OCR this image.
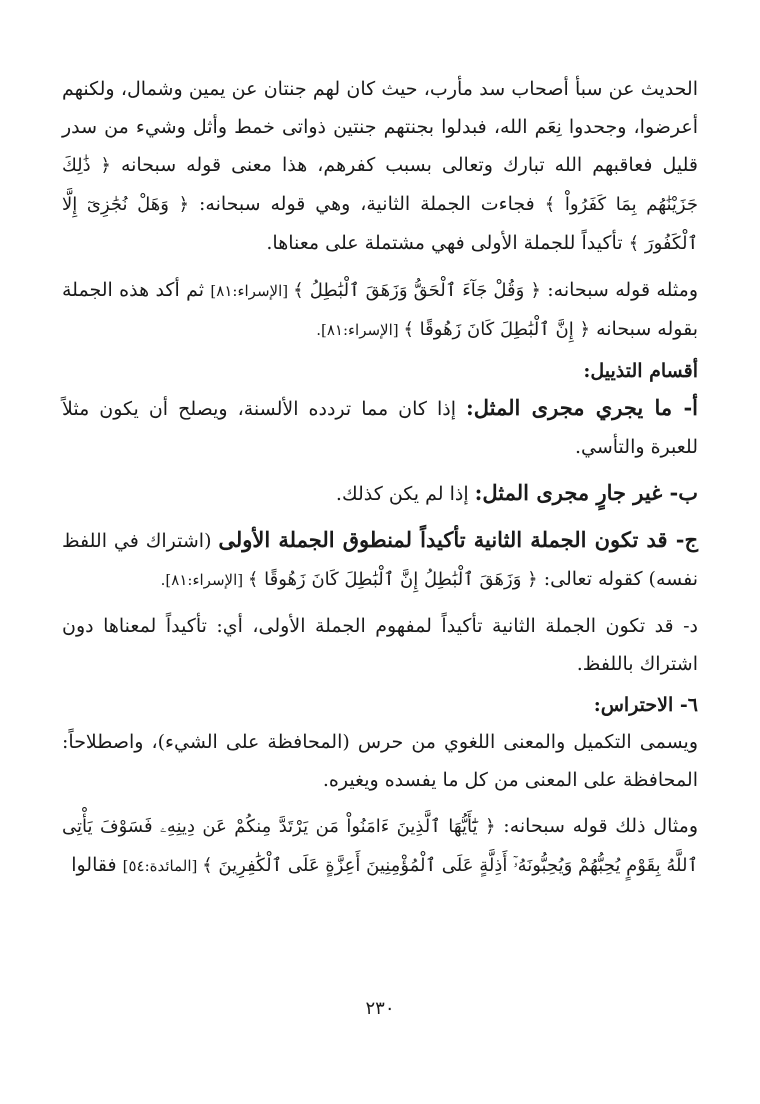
الحديث عن سبأ أصحاب سد مأرب، حيث كان لهم جنتان عن يمين وشمال، ولكنهم أعرضوا، وجحدوا نِعَم الله، فبدلوا بجنتهم جنتين ذواتى خمط وأثل وشيء من سدر قليل فعاقبهم الله تبارك وتعالى بسبب كفرهم، هذا معنى قوله سبحانه ﴿ ذَٰلِكَ جَزَيْنَٰهُم بِمَا كَفَرُواْ ﴾ فجاءت الجملة الثانية، وهي قوله سبحانه: ﴿ وَهَلْ نُجَٰزِىٓ إِلَّا ٱلْكَفُورَ ﴾ تأكيداً للجملة الأولى فهي مشتملة على معناها.

ومثله قوله سبحانه: ﴿ وَقُلْ جَآءَ ٱلْحَقُّ وَزَهَقَ ٱلْبَٰطِلُ ﴾ [الإسراء:٨١] ثم أكد هذه الجملة بقوله سبحانه ﴿ إِنَّ ٱلْبَٰطِلَ كَانَ زَهُوقًا ﴾ [الإسراء:٨١].

أقسام التذييل:

أ- ما يجري مجرى المثل: إذا كان مما تردده الألسنة، ويصلح أن يكون مثلاً للعبرة والتأسي.

ب- غير جارٍ مجرى المثل: إذا لم يكن كذلك.

ج- قد تكون الجملة الثانية تأكيداً لمنطوق الجملة الأولى (اشتراك في اللفظ نفسه) كقوله تعالى: ﴿ وَزَهَقَ ٱلْبَٰطِلُ إِنَّ ٱلْبَٰطِلَ كَانَ زَهُوقًا ﴾ [الإسراء:٨١].

د- قد تكون الجملة الثانية تأكيداً لمفهوم الجملة الأولى، أي: تأكيداً لمعناها دون اشتراك باللفظ.

٦- الاحتراس:

ويسمى التكميل والمعنى اللغوي من حرس (المحافظة على الشيء)، واصطلاحاً: المحافظة على المعنى من كل ما يفسده ويغيره.

ومثال ذلك قوله سبحانه: ﴿ يَٰٓأَيُّهَا ٱلَّذِينَ ءَامَنُواْ مَن يَرْتَدَّ مِنكُمْ عَن دِينِهِۦ فَسَوْفَ يَأْتِى ٱللَّهُ بِقَوْمٍ يُحِبُّهُمْ وَيُحِبُّونَهُۥٓ أَذِلَّةٍ عَلَى ٱلْمُؤْمِنِينَ أَعِزَّةٍ عَلَى ٱلْكَٰفِرِينَ ﴾ [المائدة:٥٤] فقالوا

٢٣٠
